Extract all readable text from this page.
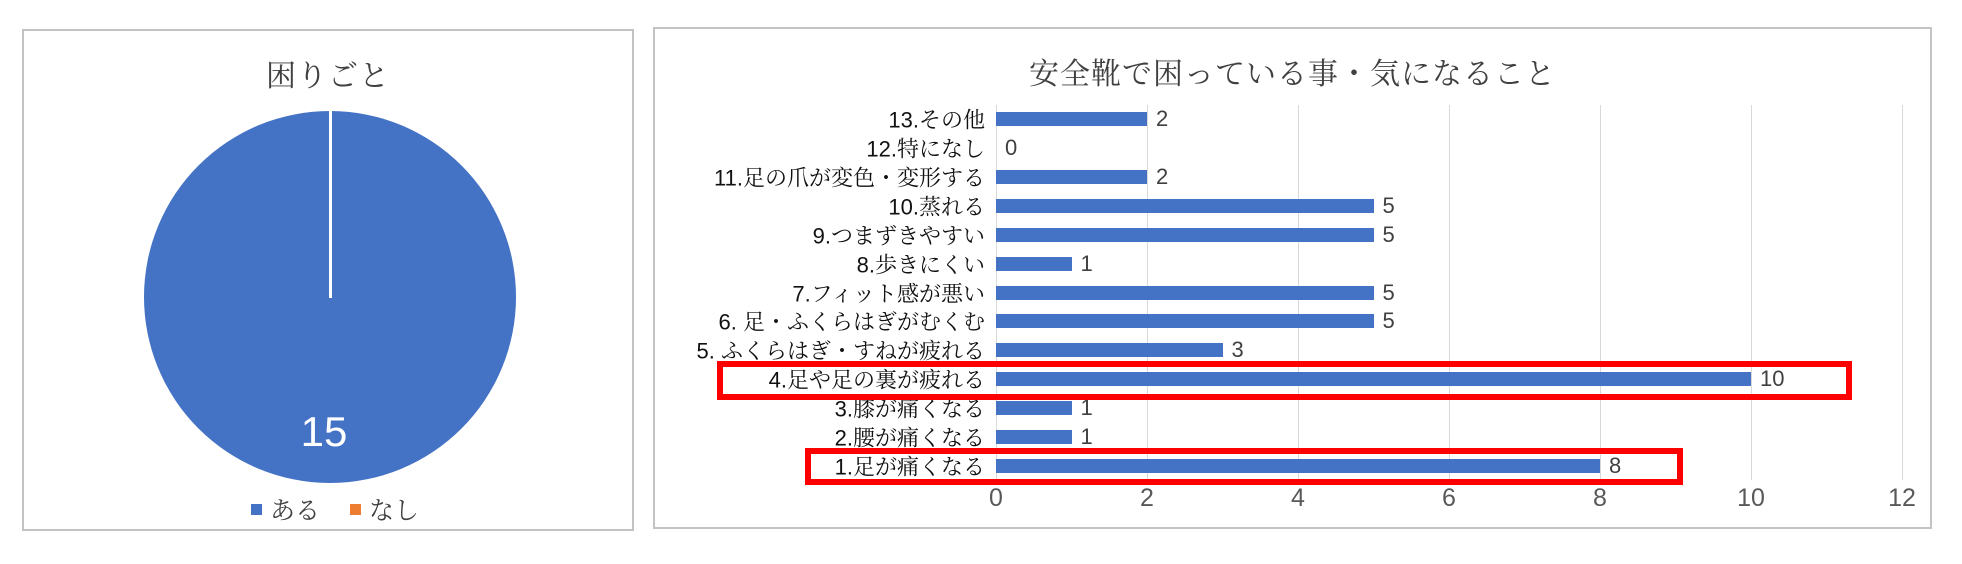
困りごと
15
ある なし
安全靴で困っている事・気になること
0	2	4	6	8	10	12
13.その他	2
12.特になし 0
11.足の爪が変色・変形する	2
10.蒸れる	5
9.つまずきやすい	5
8.歩きにくい	1
7.フィット感が悪い	5
6. 足・ふくらはぎがむくむ	5
5. ふくらはぎ・すねが疲れる	3
4.足や足の裏が疲れる	10
3.膝が痛くなる	1
2.腰が痛くなる	1
1.足が痛くなる	8
